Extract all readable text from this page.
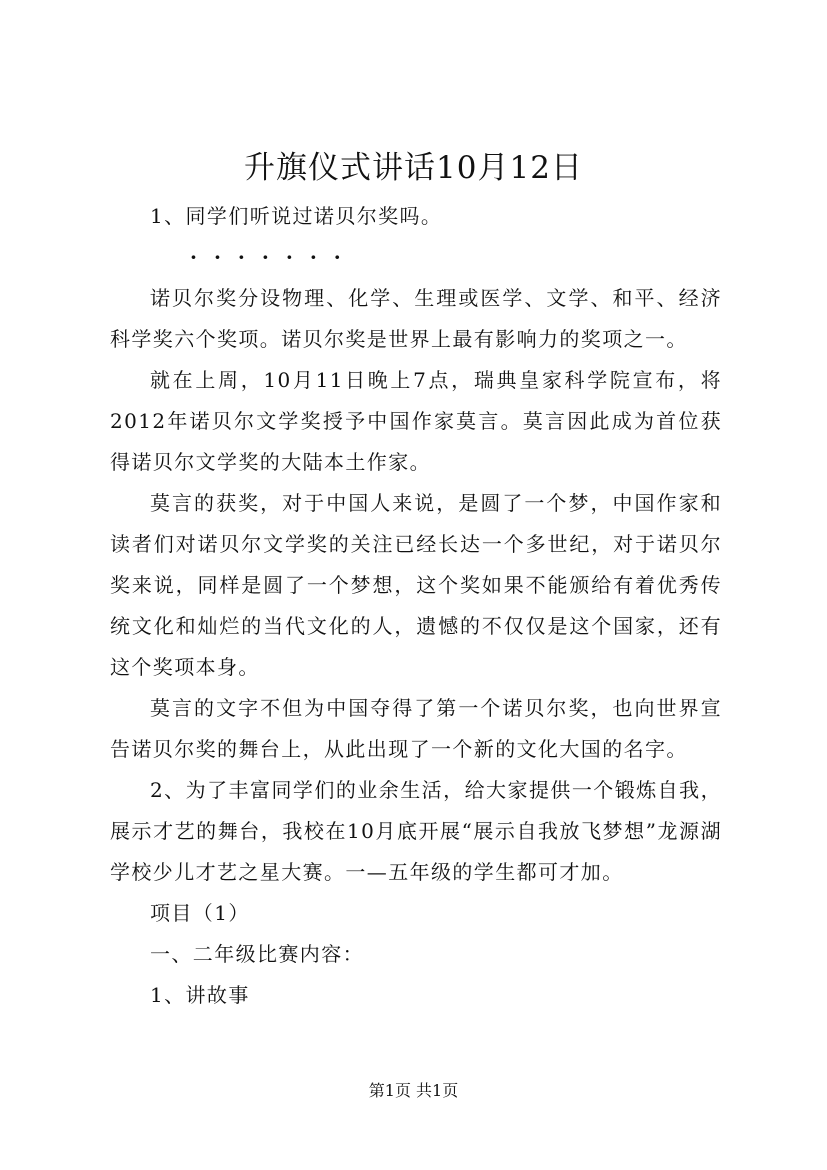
升旗仪式讲话10月12日

1、同学们听说过诺贝尔奖吗。

·······

诺贝尔奖分设物理、化学、生理或医学、文学、和平、经济科学奖六个奖项。诺贝尔奖是世界上最有影响力的奖项之一。

就在上周，10月11日晚上7点，瑞典皇家科学院宣布，将2012年诺贝尔文学奖授予中国作家莫言。莫言因此成为首位获得诺贝尔文学奖的大陆本土作家。

莫言的获奖，对于中国人来说，是圆了一个梦，中国作家和读者们对诺贝尔文学奖的关注已经长达一个多世纪，对于诺贝尔奖来说，同样是圆了一个梦想，这个奖如果不能颁给有着优秀传统文化和灿烂的当代文化的人，遗憾的不仅仅是这个国家，还有这个奖项本身。

莫言的文字不但为中国夺得了第一个诺贝尔奖，也向世界宣告诺贝尔奖的舞台上，从此出现了一个新的文化大国的名字。

2、为了丰富同学们的业余生活，给大家提供一个锻炼自我，展示才艺的舞台，我校在10月底开展“展示自我放飞梦想”龙源湖学校少儿才艺之星大赛。一—五年级的学生都可才加。

项目（1）

一、二年级比赛内容：

1、讲故事

第1页 共1页
